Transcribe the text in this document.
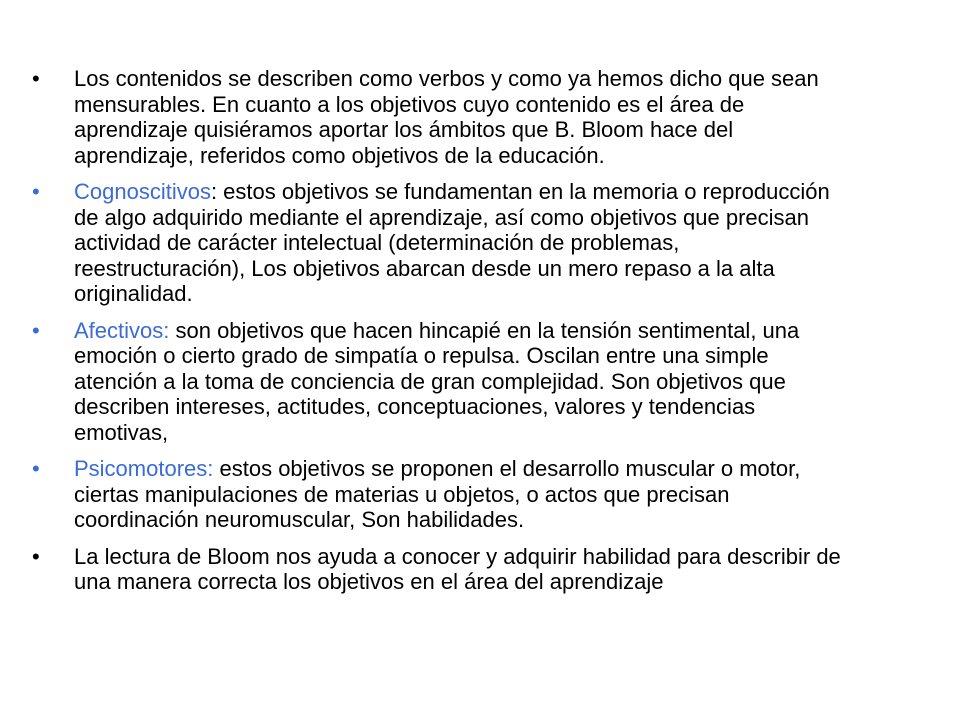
•	Los contenidos se describen como verbos y como ya hemos dicho que sean mensurables. En cuanto a los objetivos cuyo contenido es el área de aprendizaje quisiéramos aportar los ámbitos que B. Bloom hace del aprendizaje, referidos como objetivos de la educación.
•	Cognoscitivos: estos objetivos se fundamentan en la memoria o reproducción de algo adquirido mediante el aprendizaje, así como objetivos que precisan actividad de carácter intelectual (determinación de problemas, reestructuración), Los objetivos abarcan desde un mero repaso a la alta originalidad.
•	Afectivos: son objetivos que hacen hincapié en la tensión sentimental, una emoción o cierto grado de simpatía o repulsa. Oscilan entre una simple atención a la toma de conciencia de gran complejidad. Son objetivos que describen intereses, actitudes, conceptuaciones, valores y tendencias emotivas,
•	Psicomotores: estos objetivos se proponen el desarrollo muscular o motor, ciertas manipulaciones de materias u objetos, o actos que precisan coordinación neuromuscular, Son habilidades.
•	La lectura de Bloom nos ayuda a conocer y adquirir habilidad para describir de una manera correcta los objetivos en el área del aprendizaje
